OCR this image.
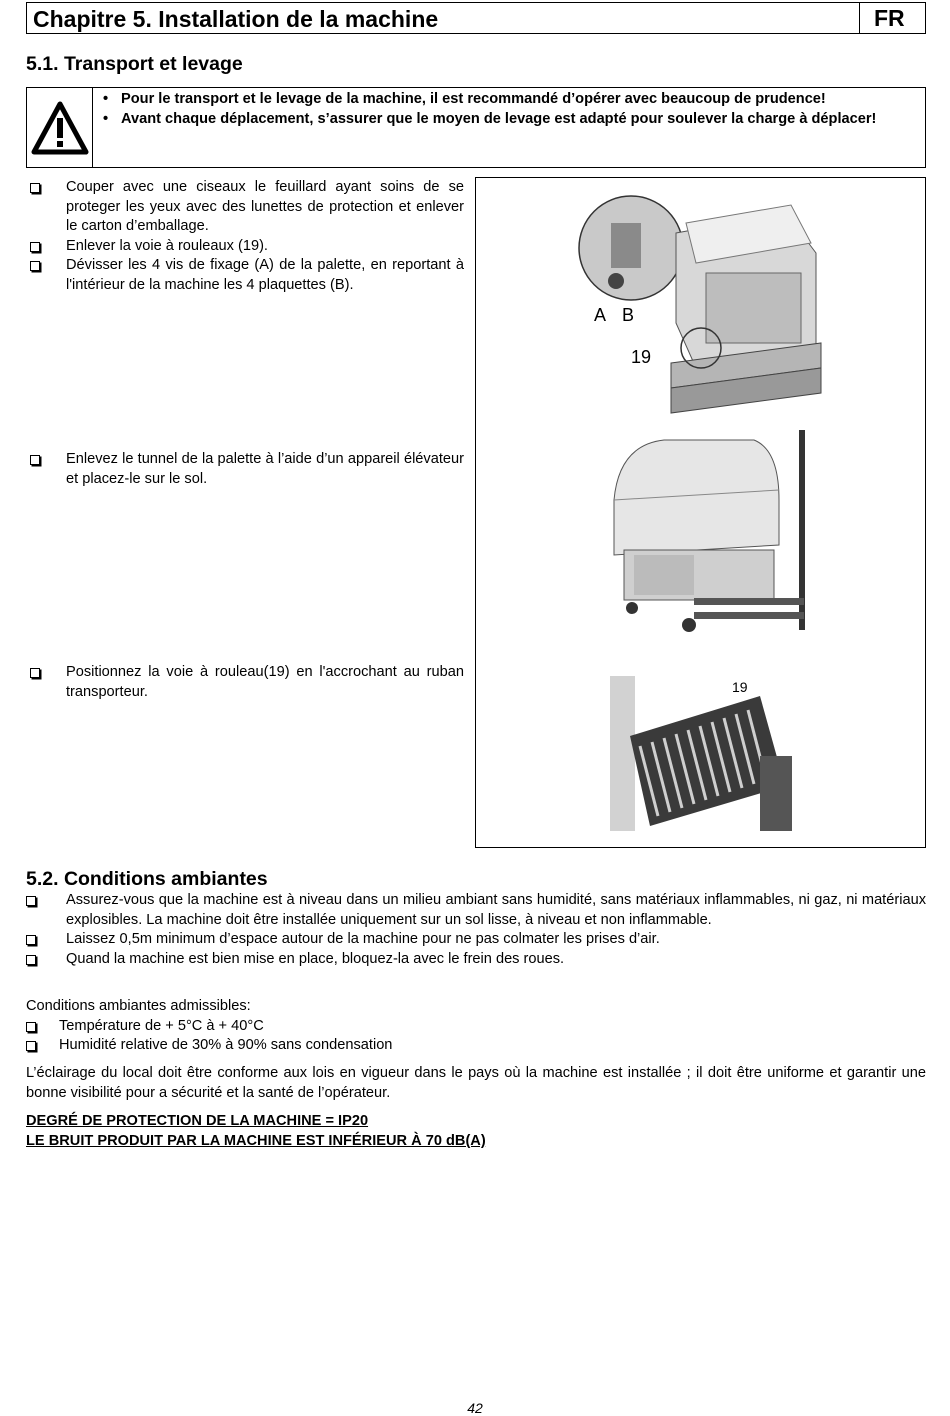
Chapitre 5. Installation de la machine	FR
5.1. Transport et levage
• Pour le transport et le levage de la machine, il est recommandé d’opérer avec beaucoup de prudence!
• Avant chaque déplacement, s’assurer que le moyen de levage est adapté pour soulever la charge à déplacer!
Couper avec une ciseaux le feuillard ayant soins de se proteger les yeux avec des lunettes de protection et enlever le carton d’emballage.
Enlever la voie à rouleaux (19).
Dévisser les 4 vis de fixage (A) de la palette, en reportant à l'intérieur de la machine les 4 plaquettes (B).
Enlevez le tunnel de la palette à l’aide d’un appareil élévateur et placez-le sur le sol.
Positionnez la voie à rouleau(19) en l'accrochant au ruban transporteur.
A B
19
19
5.2. Conditions ambiantes
Assurez-vous que la machine est à niveau dans un milieu ambiant sans humidité, sans matériaux inflammables, ni gaz, ni matériaux explosibles. La machine doit être installée uniquement sur un sol lisse, à niveau et non inflammable.
Laissez 0,5m minimum d’espace autour de la machine pour ne pas colmater les prises d’air.
Quand la machine est bien mise en place, bloquez-la avec le frein des roues.
Conditions ambiantes admissibles:
Température de + 5°C à + 40°C
Humidité relative de 30% à 90% sans condensation
L’éclairage du local doit être conforme aux lois en vigueur dans le pays où la machine est installée ; il doit être uniforme et garantir une bonne visibilité pour a sécurité et la santé de l’opérateur.
DEGRÉ DE PROTECTION DE LA MACHINE = IP20
LE BRUIT PRODUIT PAR LA MACHINE EST INFÉRIEUR À 70 dB(A)
42
